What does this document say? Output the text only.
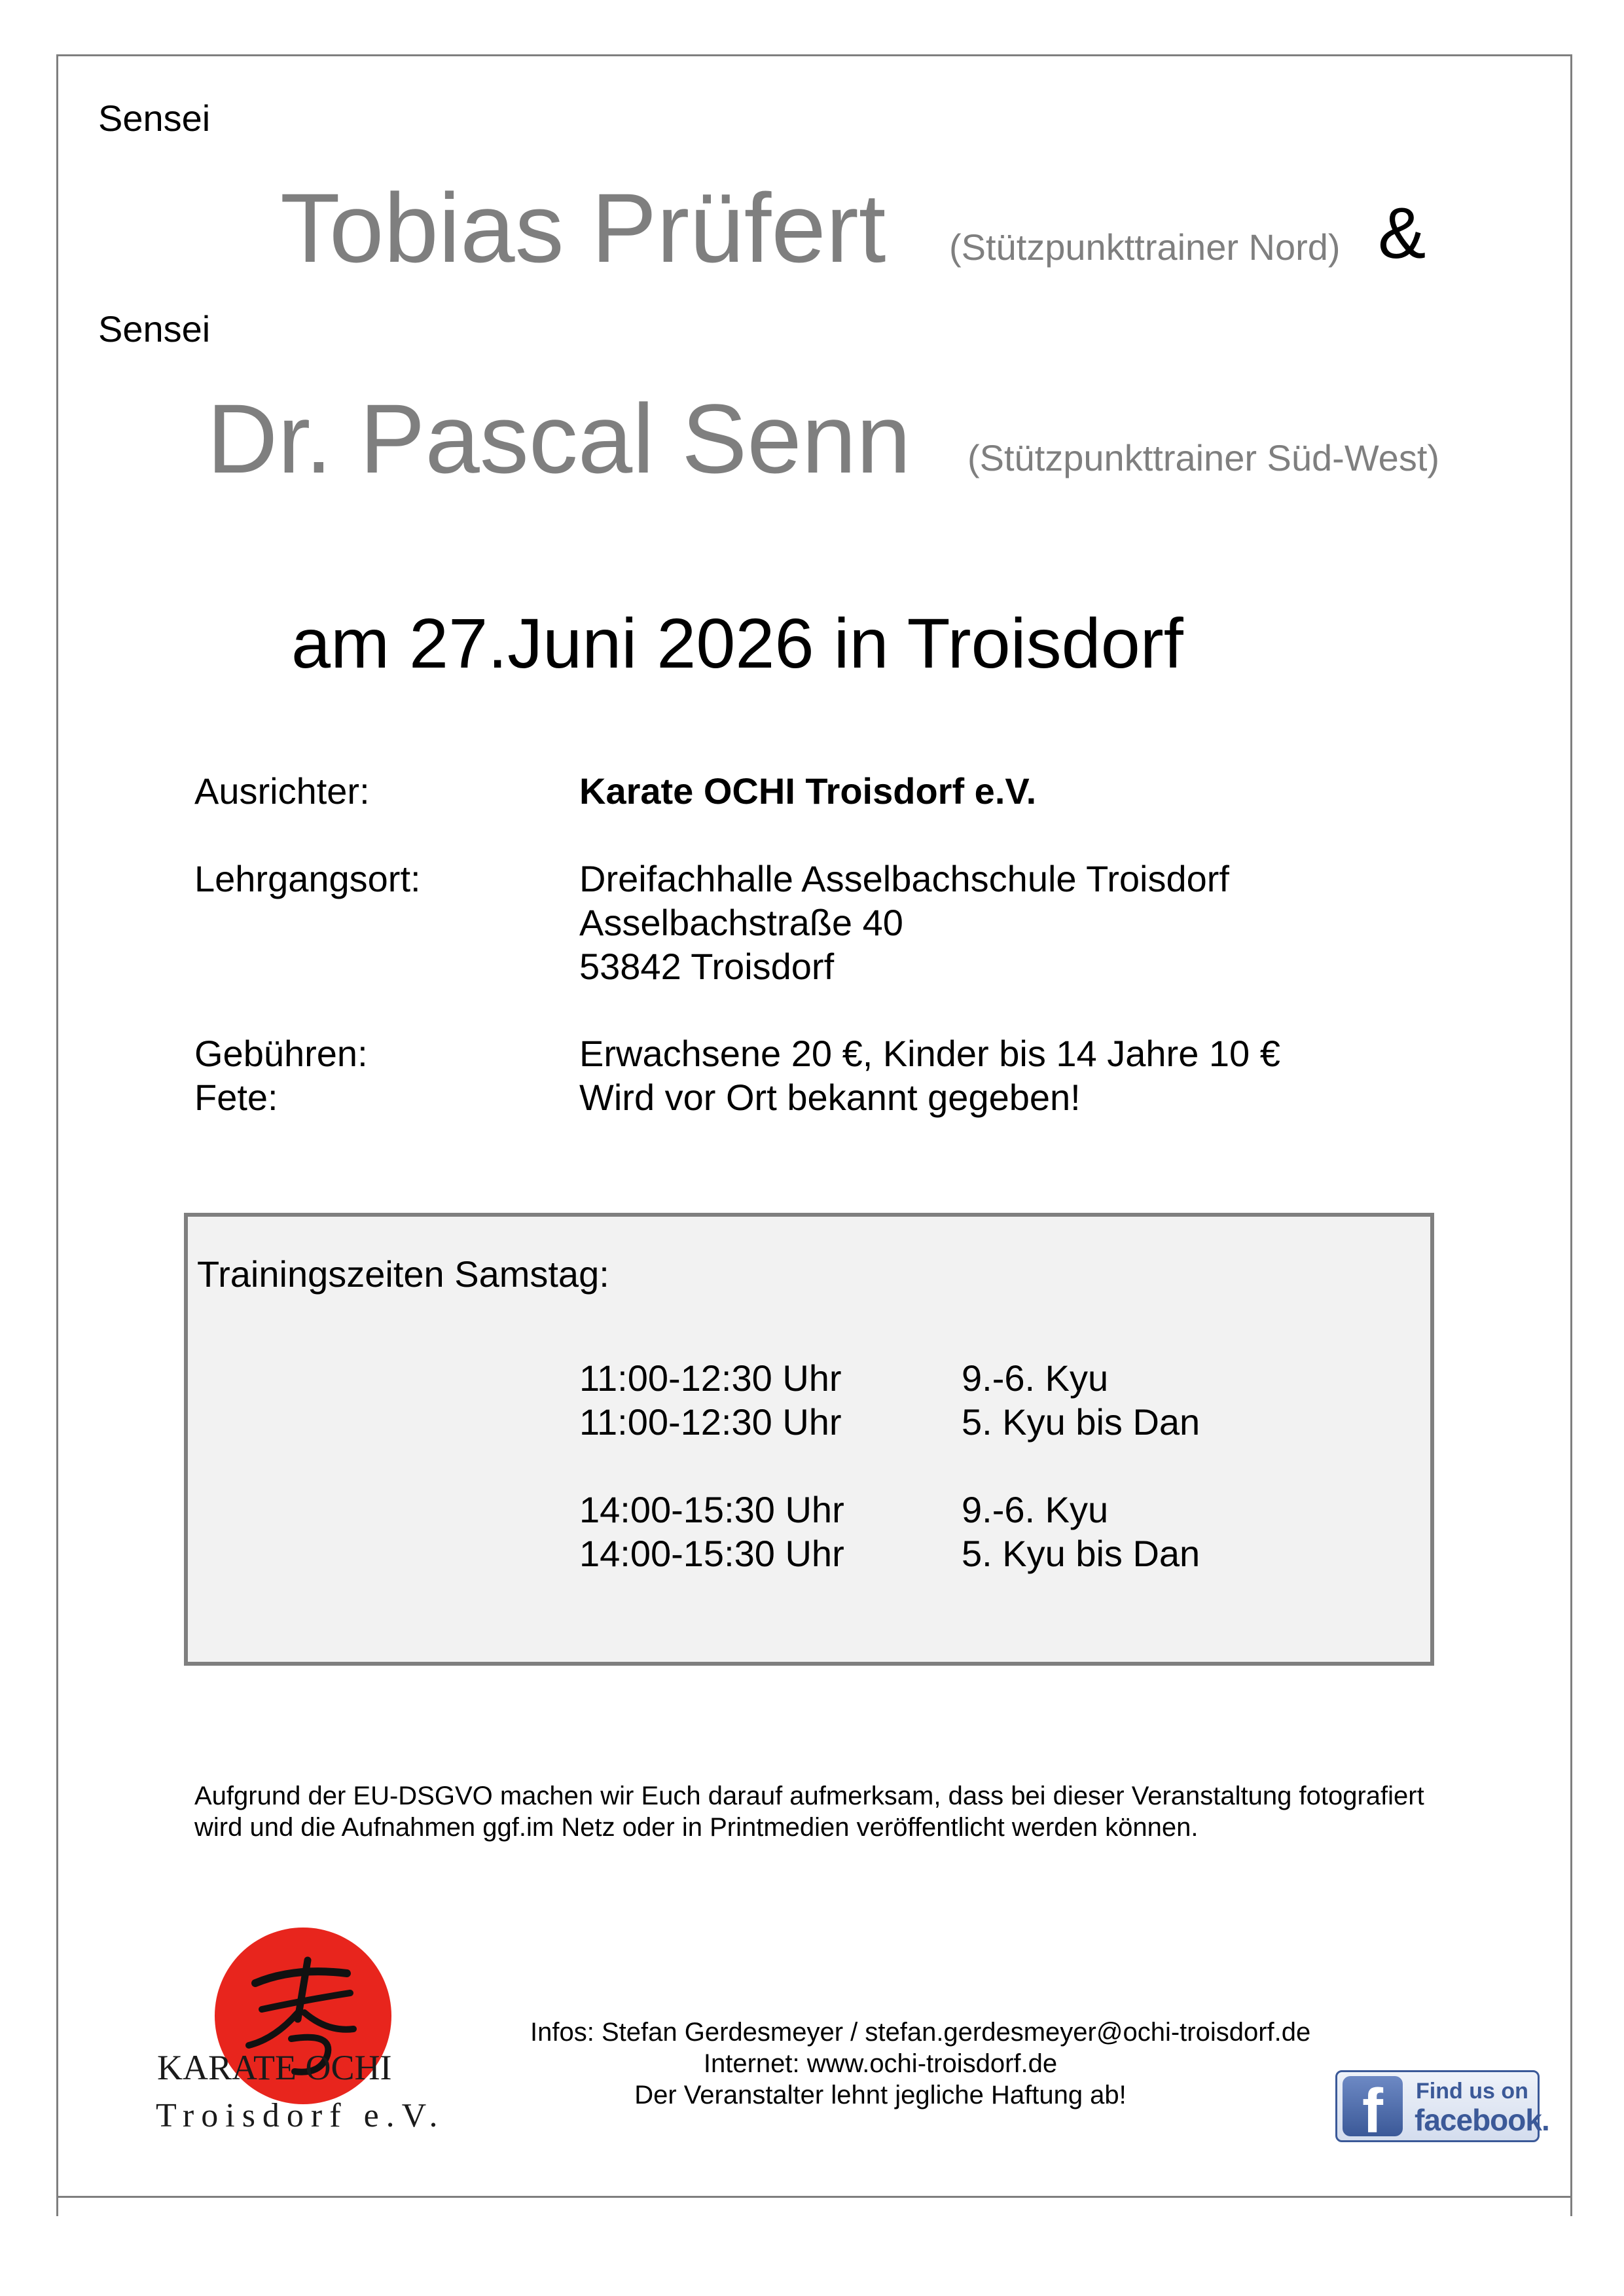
Sensei
Tobias Prüfert (Stützpunkttrainer Nord) &
Sensei
Dr. Pascal Senn (Stützpunkttrainer Süd-West)
am 27.Juni 2026 in Troisdorf
Ausrichter:	Karate OCHI Troisdorf e.V.
Lehrgangsort:	Dreifachhalle Asselbachschule Troisdorf
Asselbachstraße 40
53842 Troisdorf
Gebühren:	Erwachsene 20 €, Kinder bis 14 Jahre 10 €
Fete:	Wird vor Ort bekannt gegeben!
Trainingszeiten Samstag:
11:00-12:30 Uhr	9.-6. Kyu
11:00-12:30 Uhr	5. Kyu bis Dan
14:00-15:30 Uhr	9.-6. Kyu
14:00-15:30 Uhr	5. Kyu bis Dan
Aufgrund der EU-DSGVO machen wir Euch darauf aufmerksam, dass bei dieser Veranstaltung fotografiert
wird und die Aufnahmen ggf.im Netz oder in Printmedien veröffentlicht werden können.
KARATE OCHI
Troisdorf e.V.
Infos: Stefan Gerdesmeyer / stefan.gerdesmeyer@ochi-troisdorf.de
Internet: www.ochi-troisdorf.de
Der Veranstalter lehnt jegliche Haftung ab!	f	Find us on
facebook.
